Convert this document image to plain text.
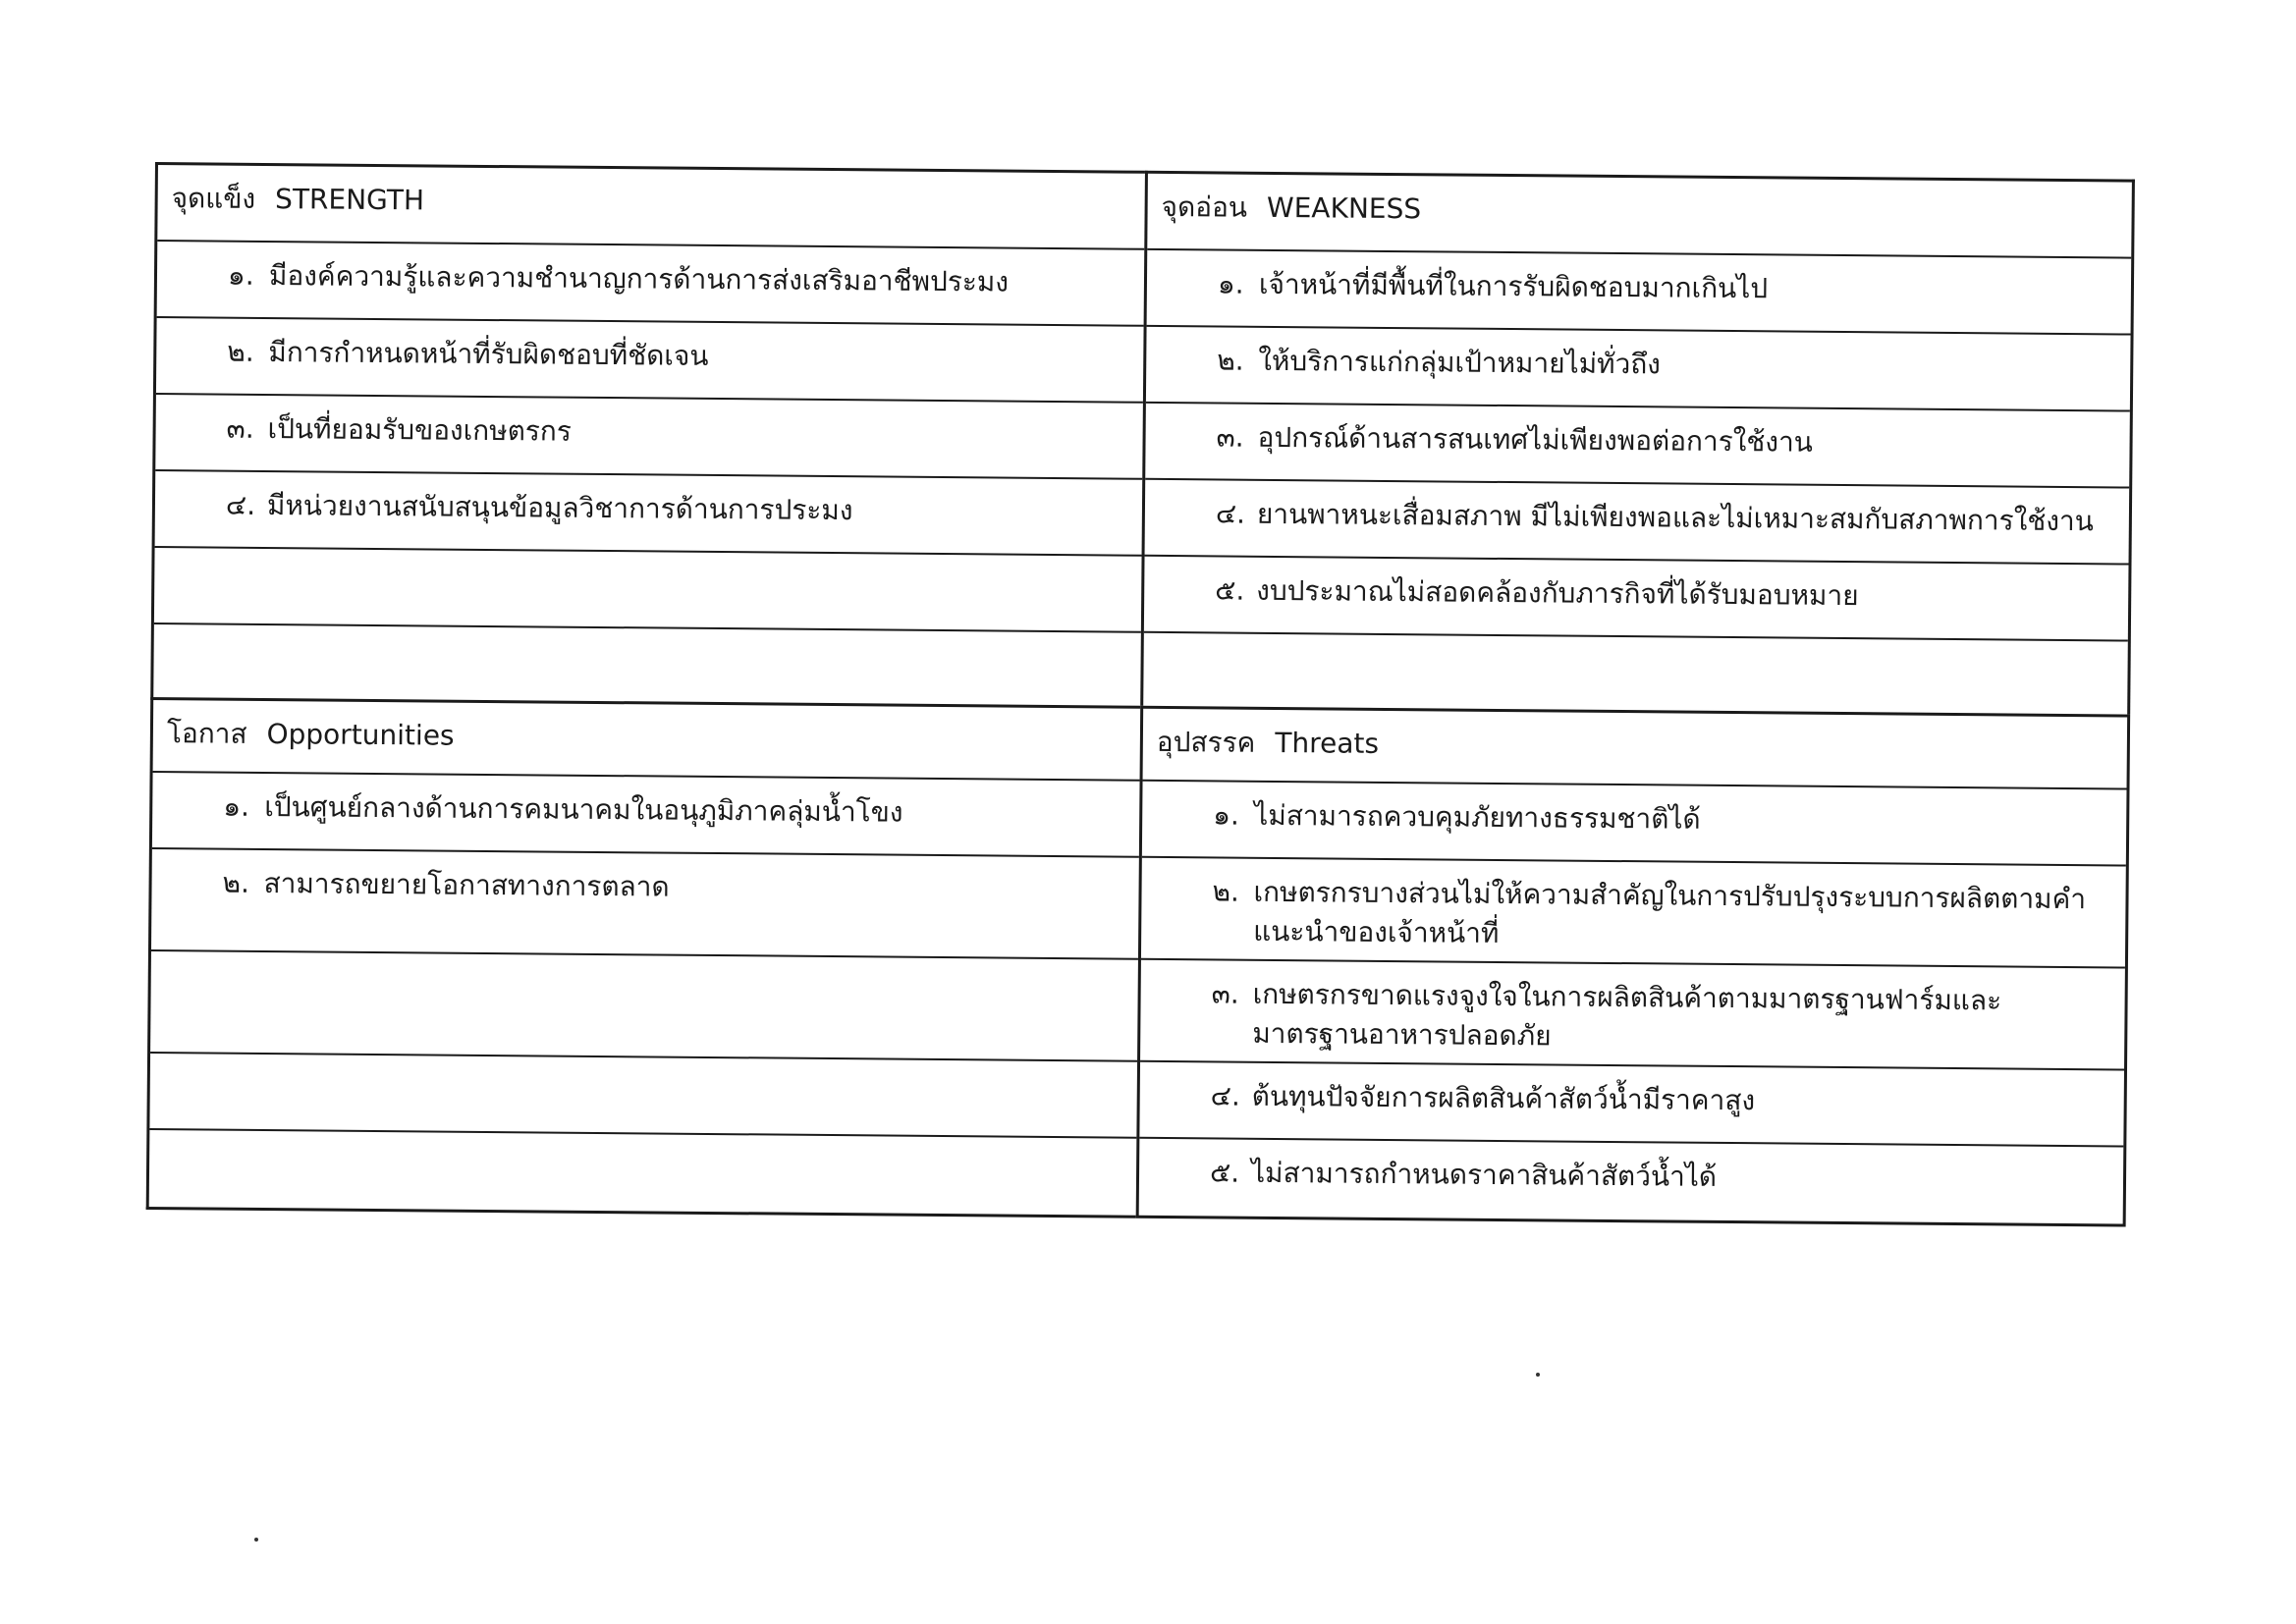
จุดแข็ง STRENGTH
๑. มีองค์ความรู้และความชำนาญการด้านการส่งเสริมอาชีพประมง
๒. มีการกำหนดหน้าที่รับผิดชอบที่ชัดเจน
๓. เป็นที่ยอมรับของเกษตรกร
๔. มีหน่วยงานสนับสนุนข้อมูลวิชาการด้านการประมง
จุดอ่อน WEAKNESS
๑. เจ้าหน้าที่มีพื้นที่ในการรับผิดชอบมากเกินไป
๒. ให้บริการแก่กลุ่มเป้าหมายไม่ทั่วถึง
๓. อุปกรณ์ด้านสารสนเทศไม่เพียงพอต่อการใช้งาน
๔. ยานพาหนะเสื่อมสภาพ มีไม่เพียงพอและไม่เหมาะสมกับสภาพการใช้งาน
๕. งบประมาณไม่สอดคล้องกับภารกิจที่ได้รับมอบหมาย
โอกาส Opportunities
๑. เป็นศูนย์กลางด้านการคมนาคมในอนุภูมิภาคลุ่มน้ำโขง
๒. สามารถขยายโอกาสทางการตลาด
อุปสรรค Threats
๑. ไม่สามารถควบคุมภัยทางธรรมชาติได้
๒. เกษตรกรบางส่วนไม่ให้ความสำคัญในการปรับปรุงระบบการผลิตตามคำแนะนำของเจ้าหน้าที่
๓. เกษตรกรขาดแรงจูงใจในการผลิตสินค้าตามมาตรฐานฟาร์มและมาตรฐานอาหารปลอดภัย
๔. ต้นทุนปัจจัยการผลิตสินค้าสัตว์น้ำมีราคาสูง
๕. ไม่สามารถกำหนดราคาสินค้าสัตว์น้ำได้
